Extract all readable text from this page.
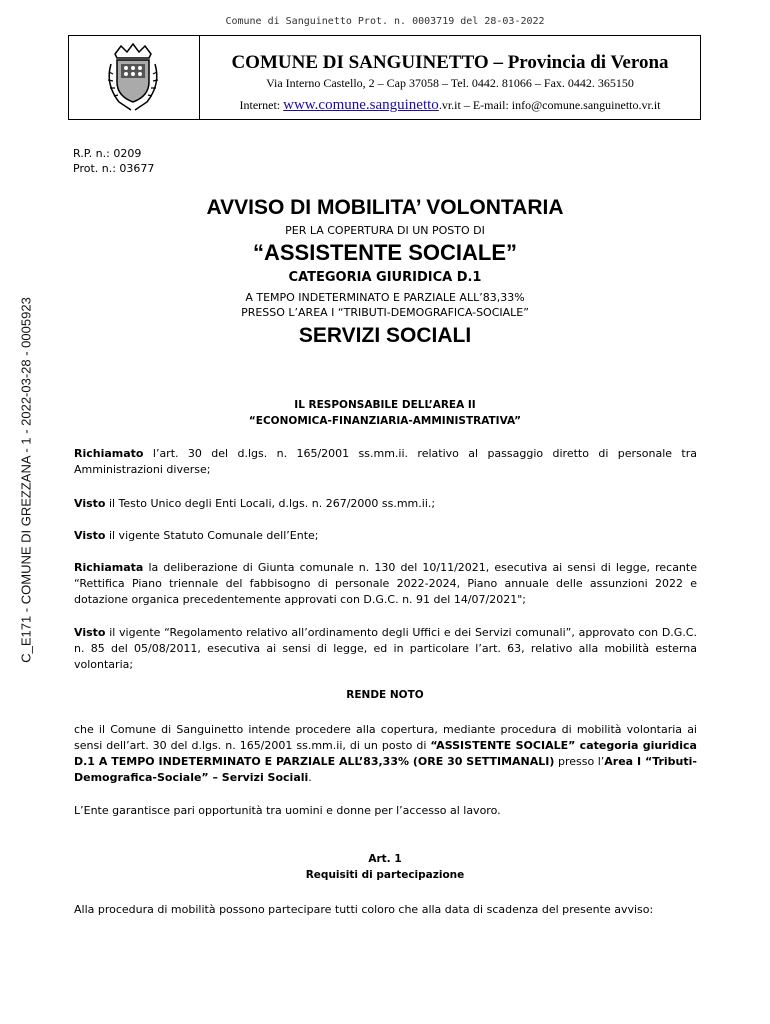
Comune di Sanguinetto Prot. n. 0003719 del 28-03-2022
C_E171 - COMUNE DI GREZZANA - 1 - 2022-03-28 - 0005923
COMUNE DI SANGUINETTO – Provincia di Verona
Via Interno Castello, 2 – Cap 37058 – Tel. 0442. 81066 – Fax. 0442. 365150
Internet: www.comune.sanguinetto.vr.it – E-mail: info@comune.sanguinetto.vr.it
R.P. n.: 0209
Prot. n.: 03677
AVVISO DI MOBILITA’ VOLONTARIA
PER LA COPERTURA DI UN POSTO DI
“ASSISTENTE SOCIALE”
CATEGORIA GIURIDICA D.1
A TEMPO INDETERMINATO E PARZIALE ALL’83,33%
PRESSO L’AREA I “TRIBUTI-DEMOGRAFICA-SOCIALE”
SERVIZI SOCIALI
IL RESPONSABILE DELL’AREA II
“ECONOMICA-FINANZIARIA-AMMINISTRATIVA”
Richiamato l’art. 30 del d.lgs. n. 165/2001 ss.mm.ii. relativo al passaggio diretto di personale tra Amministrazioni diverse;
Visto il Testo Unico degli Enti Locali, d.lgs. n. 267/2000 ss.mm.ii.;
Visto il vigente Statuto Comunale dell’Ente;
Richiamata la deliberazione di Giunta comunale n. 130 del 10/11/2021, esecutiva ai sensi di legge, recante “Rettifica Piano triennale del fabbisogno di personale 2022-2024, Piano annuale delle assunzioni 2022 e dotazione organica precedentemente approvati con D.G.C. n. 91 del 14/07/2021";
Visto il vigente “Regolamento relativo all’ordinamento degli Uffici e dei Servizi comunali”, approvato con D.G.C. n. 85 del 05/08/2011, esecutiva ai sensi di legge, ed in particolare l’art. 63, relativo alla mobilità esterna volontaria;
RENDE NOTO
che il Comune di Sanguinetto intende procedere alla copertura, mediante procedura di mobilità volontaria ai sensi dell’art. 30 del d.lgs. n. 165/2001 ss.mm.ii, di un posto di “ASSISTENTE SOCIALE” categoria giuridica D.1 A TEMPO INDETERMINATO E PARZIALE ALL’83,33% (ORE 30 SETTIMANALI) presso l’Area I “Tributi-Demografica-Sociale” – Servizi Sociali.
L’Ente garantisce pari opportunità tra uomini e donne per l’accesso al lavoro.
Art. 1
Requisiti di partecipazione
Alla procedura di mobilità possono partecipare tutti coloro che alla data di scadenza del presente avviso:
